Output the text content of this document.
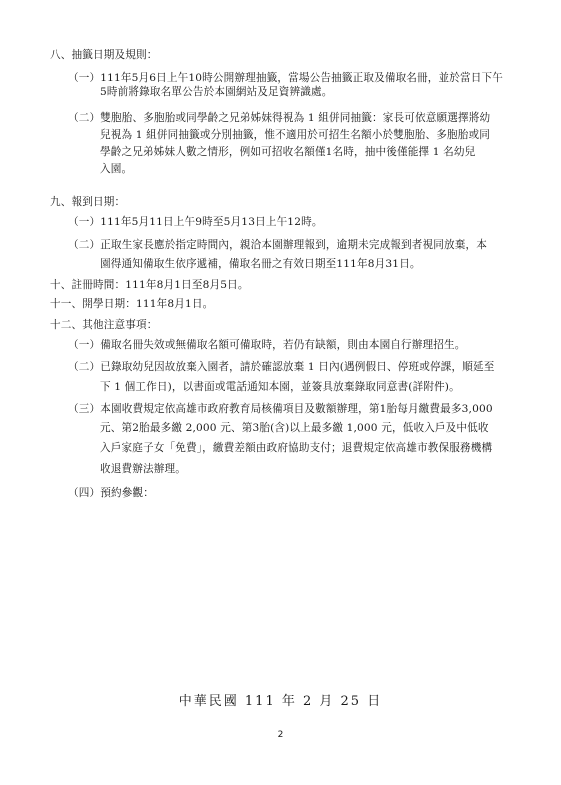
八、抽籤日期及規則：
（一）111年5月6日上午10時公開辦理抽籤，當場公告抽籤正取及備取名冊，並於當日下午
5時前將錄取名單公告於本園網站及足資辨識處。
（二）雙胞胎、多胞胎或同學齡之兄弟姊妹得視為 1 組併同抽籤：家長可依意願選擇將幼
兒視為 1 組併同抽籤或分別抽籤，惟不適用於可招生名額小於雙胞胎、多胞胎或同
學齡之兄弟姊妹人數之情形，例如可招收名額僅1名時，抽中後僅能擇 1 名幼兒
入園。
九、報到日期：
（一）111年5月11日上午9時至5月13日上午12時。
（二）正取生家長應於指定時間內，親洽本園辦理報到，逾期未完成報到者視同放棄，本
園得通知備取生依序遞補，備取名冊之有效日期至111年8月31日。
十、註冊時間：111年8月1日至8月5日。
十一、開學日期：111年8月1日。
十二、其他注意事項：
（一）備取名冊失效或無備取名額可備取時，若仍有缺額，則由本園自行辦理招生。
（二）已錄取幼兒因故放棄入園者，請於確認放棄 1 日內(遇例假日、停班或停課，順延至
下 1 個工作日)，以書面或電話通知本園，並簽具放棄錄取同意書(詳附件)。
（三）本園收費規定依高雄市政府教育局核備項目及數額辦理，第1胎每月繳費最多3,000
元、第2胎最多繳 2,000 元、第3胎(含)以上最多繳 1,000 元，低收入戶及中低收
入戶家庭子女「免費」，繳費差額由政府協助支付；退費規定依高雄市教保服務機構
收退費辦法辦理。
（四）預約參觀：
中華民國 111 年 2 月 25 日
2
